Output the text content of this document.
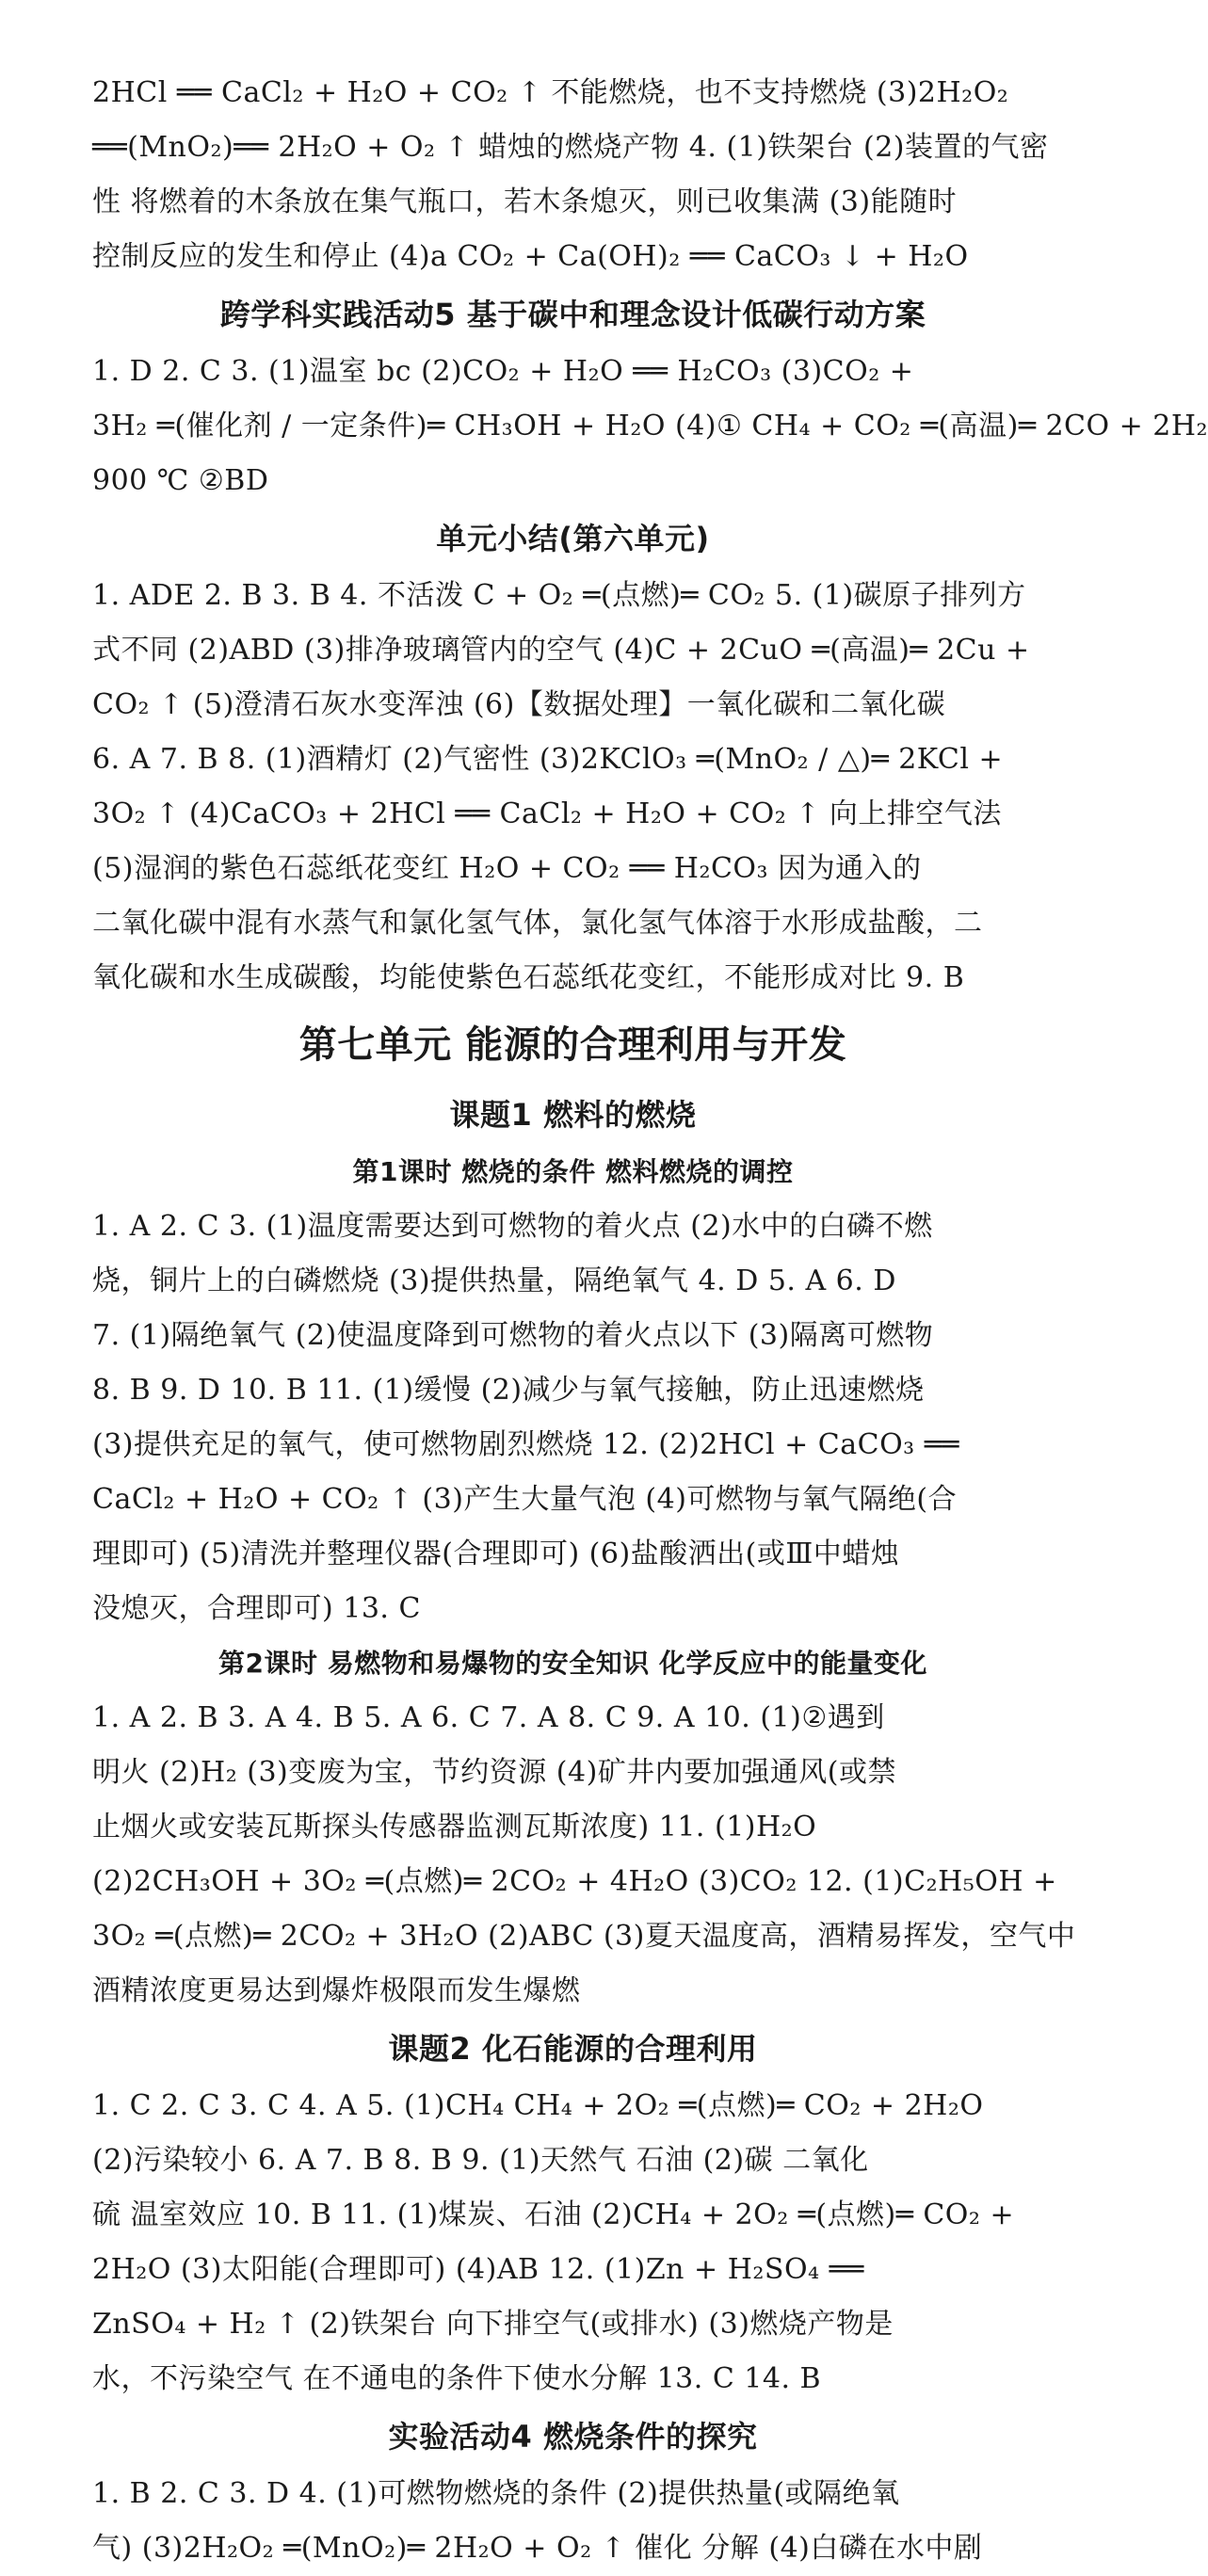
2HCl ══ CaCl₂ + H₂O + CO₂ ↑ 不能燃烧，也不支持燃烧 (3)2H₂O₂
══(MnO₂)══ 2H₂O + O₂ ↑ 蜡烛的燃烧产物 4. (1)铁架台 (2)装置的气密
性 将燃着的木条放在集气瓶口，若木条熄灭，则已收集满 (3)能随时
控制反应的发生和停止 (4)a CO₂ + Ca(OH)₂ ══ CaCO₃ ↓ + H₂O
跨学科实践活动5 基于碳中和理念设计低碳行动方案
1. D 2. C 3. (1)温室 bc (2)CO₂ + H₂O ══ H₂CO₃ (3)CO₂ +
3H₂ ═(催化剂 / 一定条件)═ CH₃OH + H₂O (4)① CH₄ + CO₂ ═(高温)═ 2CO + 2H₂
900 ℃ ②BD
单元小结(第六单元)
1. ADE 2. B 3. B 4. 不活泼 C + O₂ ═(点燃)═ CO₂ 5. (1)碳原子排列方
式不同 (2)ABD (3)排净玻璃管内的空气 (4)C + 2CuO ═(高温)═ 2Cu +
CO₂ ↑ (5)澄清石灰水变浑浊 (6)【数据处理】一氧化碳和二氧化碳
6. A 7. B 8. (1)酒精灯 (2)气密性 (3)2KClO₃ ═(MnO₂ / △)═ 2KCl +
3O₂ ↑ (4)CaCO₃ + 2HCl ══ CaCl₂ + H₂O + CO₂ ↑ 向上排空气法
(5)湿润的紫色石蕊纸花变红 H₂O + CO₂ ══ H₂CO₃ 因为通入的
二氧化碳中混有水蒸气和氯化氢气体，氯化氢气体溶于水形成盐酸，二
氧化碳和水生成碳酸，均能使紫色石蕊纸花变红，不能形成对比 9. B
第七单元 能源的合理利用与开发
课题1 燃料的燃烧
第1课时 燃烧的条件 燃料燃烧的调控
1. A 2. C 3. (1)温度需要达到可燃物的着火点 (2)水中的白磷不燃
烧，铜片上的白磷燃烧 (3)提供热量，隔绝氧气 4. D 5. A 6. D
7. (1)隔绝氧气 (2)使温度降到可燃物的着火点以下 (3)隔离可燃物
8. B 9. D 10. B 11. (1)缓慢 (2)减少与氧气接触，防止迅速燃烧
(3)提供充足的氧气，使可燃物剧烈燃烧 12. (2)2HCl + CaCO₃ ══
CaCl₂ + H₂O + CO₂ ↑ (3)产生大量气泡 (4)可燃物与氧气隔绝(合
理即可) (5)清洗并整理仪器(合理即可) (6)盐酸洒出(或Ⅲ中蜡烛
没熄灭，合理即可) 13. C
第2课时 易燃物和易爆物的安全知识 化学反应中的能量变化
1. A 2. B 3. A 4. B 5. A 6. C 7. A 8. C 9. A 10. (1)②遇到
明火 (2)H₂ (3)变废为宝，节约资源 (4)矿井内要加强通风(或禁
止烟火或安装瓦斯探头传感器监测瓦斯浓度) 11. (1)H₂O
(2)2CH₃OH + 3O₂ ═(点燃)═ 2CO₂ + 4H₂O (3)CO₂ 12. (1)C₂H₅OH +
3O₂ ═(点燃)═ 2CO₂ + 3H₂O (2)ABC (3)夏天温度高，酒精易挥发，空气中
酒精浓度更易达到爆炸极限而发生爆燃
课题2 化石能源的合理利用
1. C 2. C 3. C 4. A 5. (1)CH₄ CH₄ + 2O₂ ═(点燃)═ CO₂ + 2H₂O
(2)污染较小 6. A 7. B 8. B 9. (1)天然气 石油 (2)碳 二氧化
硫 温室效应 10. B 11. (1)煤炭、石油 (2)CH₄ + 2O₂ ═(点燃)═ CO₂ +
2H₂O (3)太阳能(合理即可) (4)AB 12. (1)Zn + H₂SO₄ ══
ZnSO₄ + H₂ ↑ (2)铁架台 向下排空气(或排水) (3)燃烧产物是
水，不污染空气 在不通电的条件下使水分解 13. C 14. B
实验活动4 燃烧条件的探究
1. B 2. C 3. D 4. (1)可燃物燃烧的条件 (2)提供热量(或隔绝氧
气) (3)2H₂O₂ ═(MnO₂)═ 2H₂O + O₂ ↑ 催化 分解 (4)白磷在水中剧
